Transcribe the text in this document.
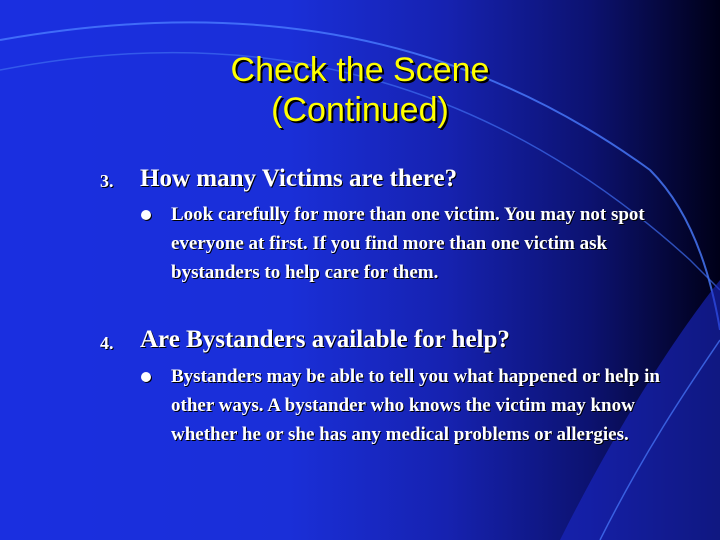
Check the Scene
(Continued)
3. How many Victims are there?
Look carefully for more than one victim. You may not spot everyone at first. If you find more than one victim ask bystanders to help care for them.
4. Are Bystanders available for help?
Bystanders may be able to tell you what happened or help in other ways. A bystander who knows the victim may know whether he or she has any medical problems or allergies.
